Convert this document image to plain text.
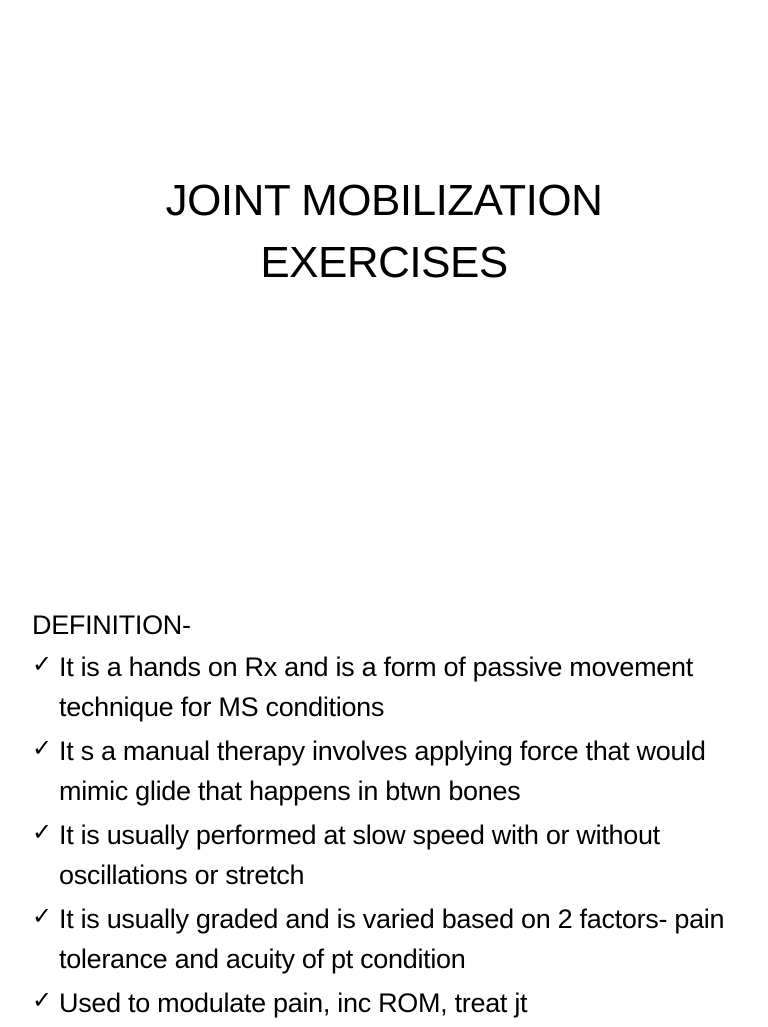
JOINT MOBILIZATION
EXERCISES
DEFINITION-
✓ It is a hands on Rx and is a form of passive movement technique for MS conditions
✓ It s a manual therapy involves applying force that would mimic glide that happens in btwn bones
✓ It is usually performed at slow speed with or without oscillations or stretch
✓ It is usually graded and is varied based on 2 factors- pain tolerance and acuity of pt condition
✓ Used to modulate pain, inc ROM, treat jt
